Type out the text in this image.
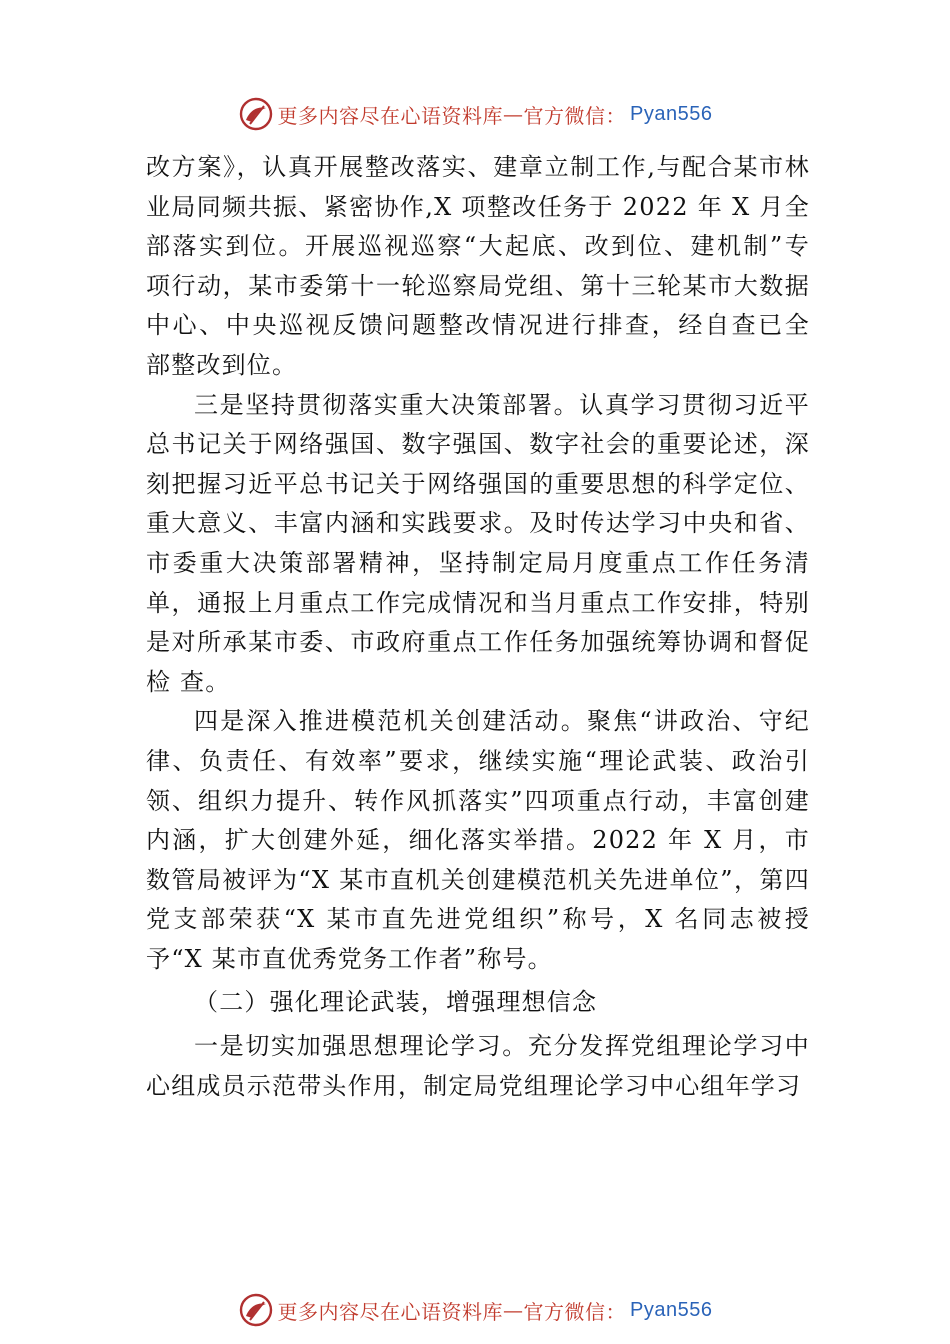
更多内容尽在心语资料库 — 官方微信： Pyan556

改方案》，认真开展整改落实、建章立制工作,与配合某市林业局同频共振、紧密协作,X 项整改任务于 2022 年 X 月全部落实到位。开展巡视巡察“大起底、改到位、建机制”专 项行动，某市委第十一轮巡察局党组、第十三轮某市大数据中心、中央巡视反馈问题整改情况进行排查，经自查已全 部整改到位。

三是坚持贯彻落实重大决策部署。认真学习贯彻习近平总书记关于网络强国、数字强国、数字社会的重要论述，深刻把握习近平总书记关于网络强国的重要思想的科学定位、重大意义、丰富内涵和实践要求。及时传达学习中央和省、市委重大决策部署精神，坚持制定局月度重点工作任务清单，通报上月重点工作完成情况和当月重点工作安排，特别是对所承某市委、市政府重点工作任务加强统筹协调和督促检 查。

四是深入推进模范机关创建活动。聚焦“讲政治、守纪律、负责任、有效率”要求，继续实施“理论武装、政治引领、组织力提升、转作风抓落实”四项重点行动，丰富创建内涵，扩大创建外延，细化落实举措。2022 年 X 月，市数管局被评为“X 某市直机关创建模范机关先进单位”，第四党支部荣获“X 某市直先进党组织”称号，X 名同志被授予“X 某市直优秀党务工作者”称号。

（二）强化理论武装，增强理想信念

一是切实加强思想理论学习。充分发挥党组理论学习中心组成员示范带头作用，制定局党组理论学习中心组年学习

更多内容尽在心语资料库 — 官方微信： Pyan556
